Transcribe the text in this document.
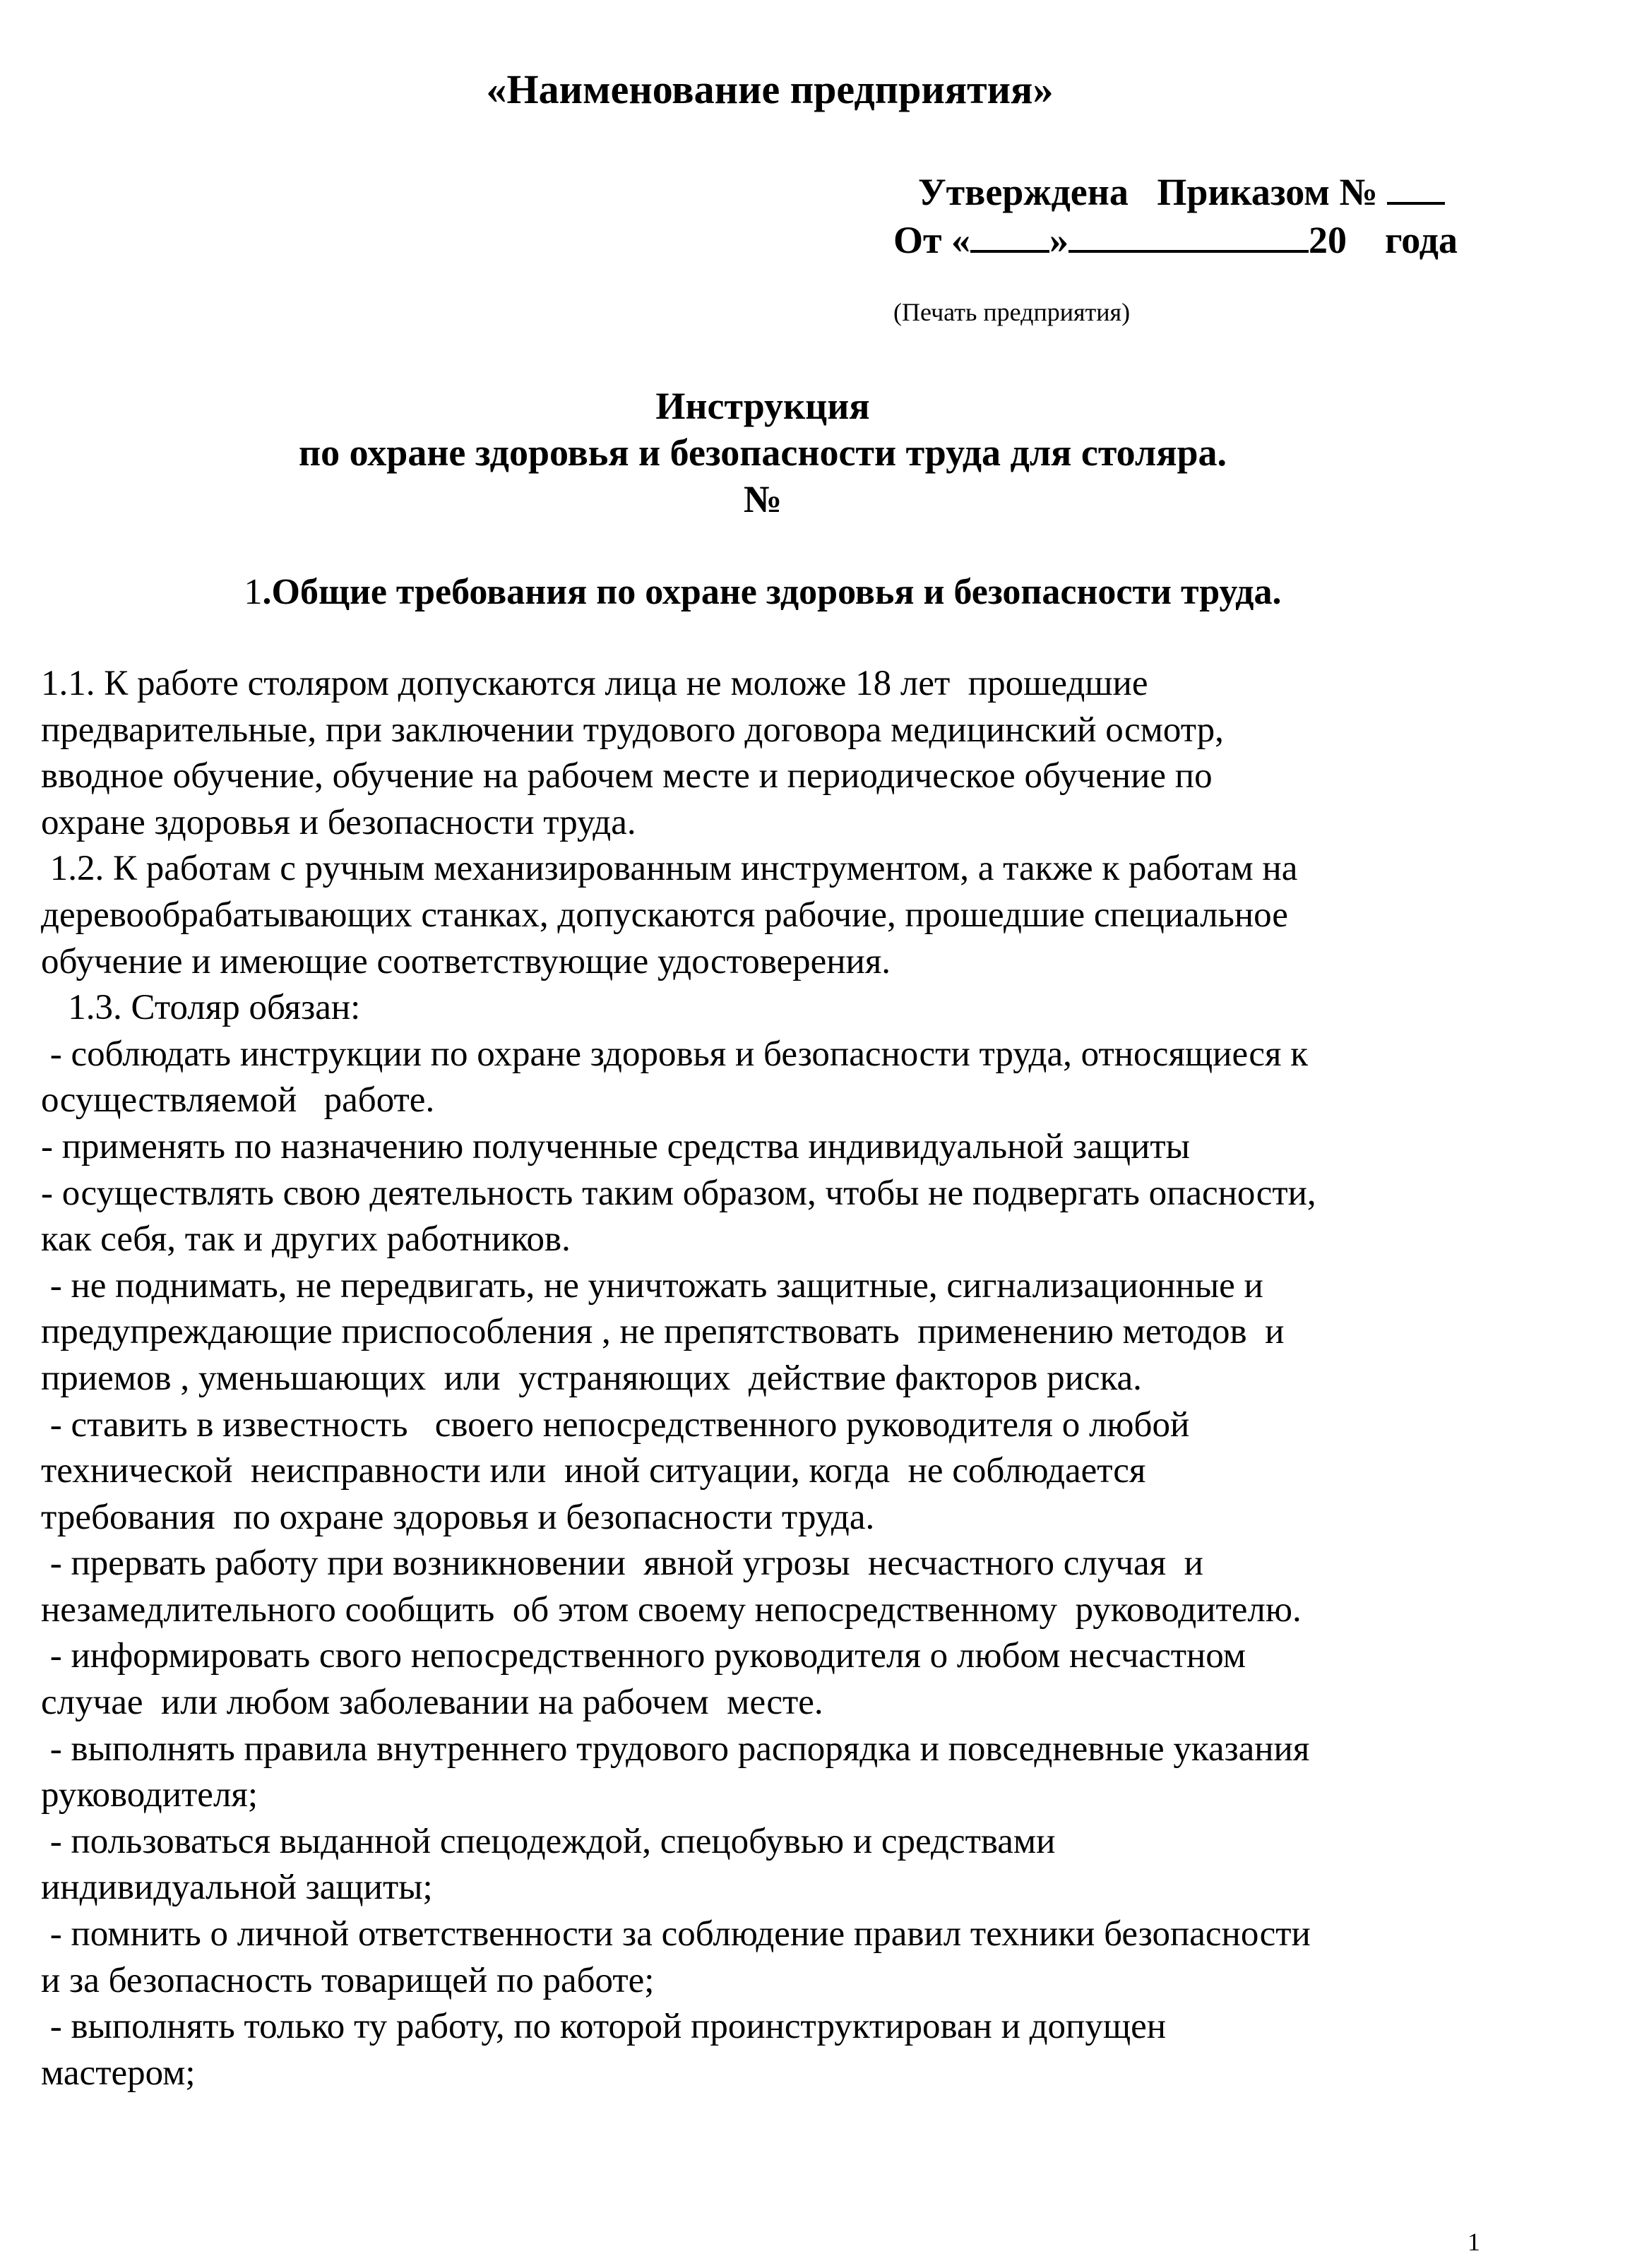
«Наименование предприятия»
Утверждена Приказом №
От « »	20 года
(Печать предприятия)
Инструкция
по охране здоровья и безопасности труда для столяра.
№
1.Общие требования по охране здоровья и безопасности труда.
1.1. К работе столяром допускаются лица не моложе 18 лет  прошедшие
предварительные, при заключении трудового договора медицинский осмотр,
вводное обучение, обучение на рабочем месте и периодическое обучение по
охране здоровья и безопасности труда.
1.2. К работам с ручным механизированным инструментом, а также к работам на
деревообрабатывающих станках, допускаются рабочие, прошедшие специальное
обучение и имеющие соответствующие удостоверения.
1.3. Столяр обязан:
- соблюдать инструкции по охране здоровья и безопасности труда, относящиеся к
осуществляемой   работе.
- применять по назначению полученные средства индивидуальной защиты
- осуществлять свою деятельность таким образом, чтобы не подвергать опасности,
как себя, так и других работников.
- не поднимать, не передвигать, не уничтожать защитные, сигнализационные и
предупреждающие приспособления , не препятствовать  применению методов  и
приемов , уменьшающих  или  устраняющих  действие факторов риска.
- ставить в известность   своего непосредственного руководителя о любой
технической  неисправности или  иной ситуации, когда  не соблюдается
требования  по охране здоровья и безопасности труда.
- прервать работу при возникновении  явной угрозы  несчастного случая  и
незамедлительного сообщить  об этом своему непосредственному  руководителю.
- информировать свого непосредственного руководителя о любом несчастном
случае  или любом заболевании на рабочем  месте.
- выполнять правила внутреннего трудового распорядка и повседневные указания
руководителя;
- пользоваться выданной спецодеждой, спецобувью и средствами
индивидуальной защиты;
- помнить о личной ответственности за соблюдение правил техники безопасности
и за безопасность товарищей по работе;
- выполнять только ту работу, по которой проинструктирован и допущен
мастером;
1
